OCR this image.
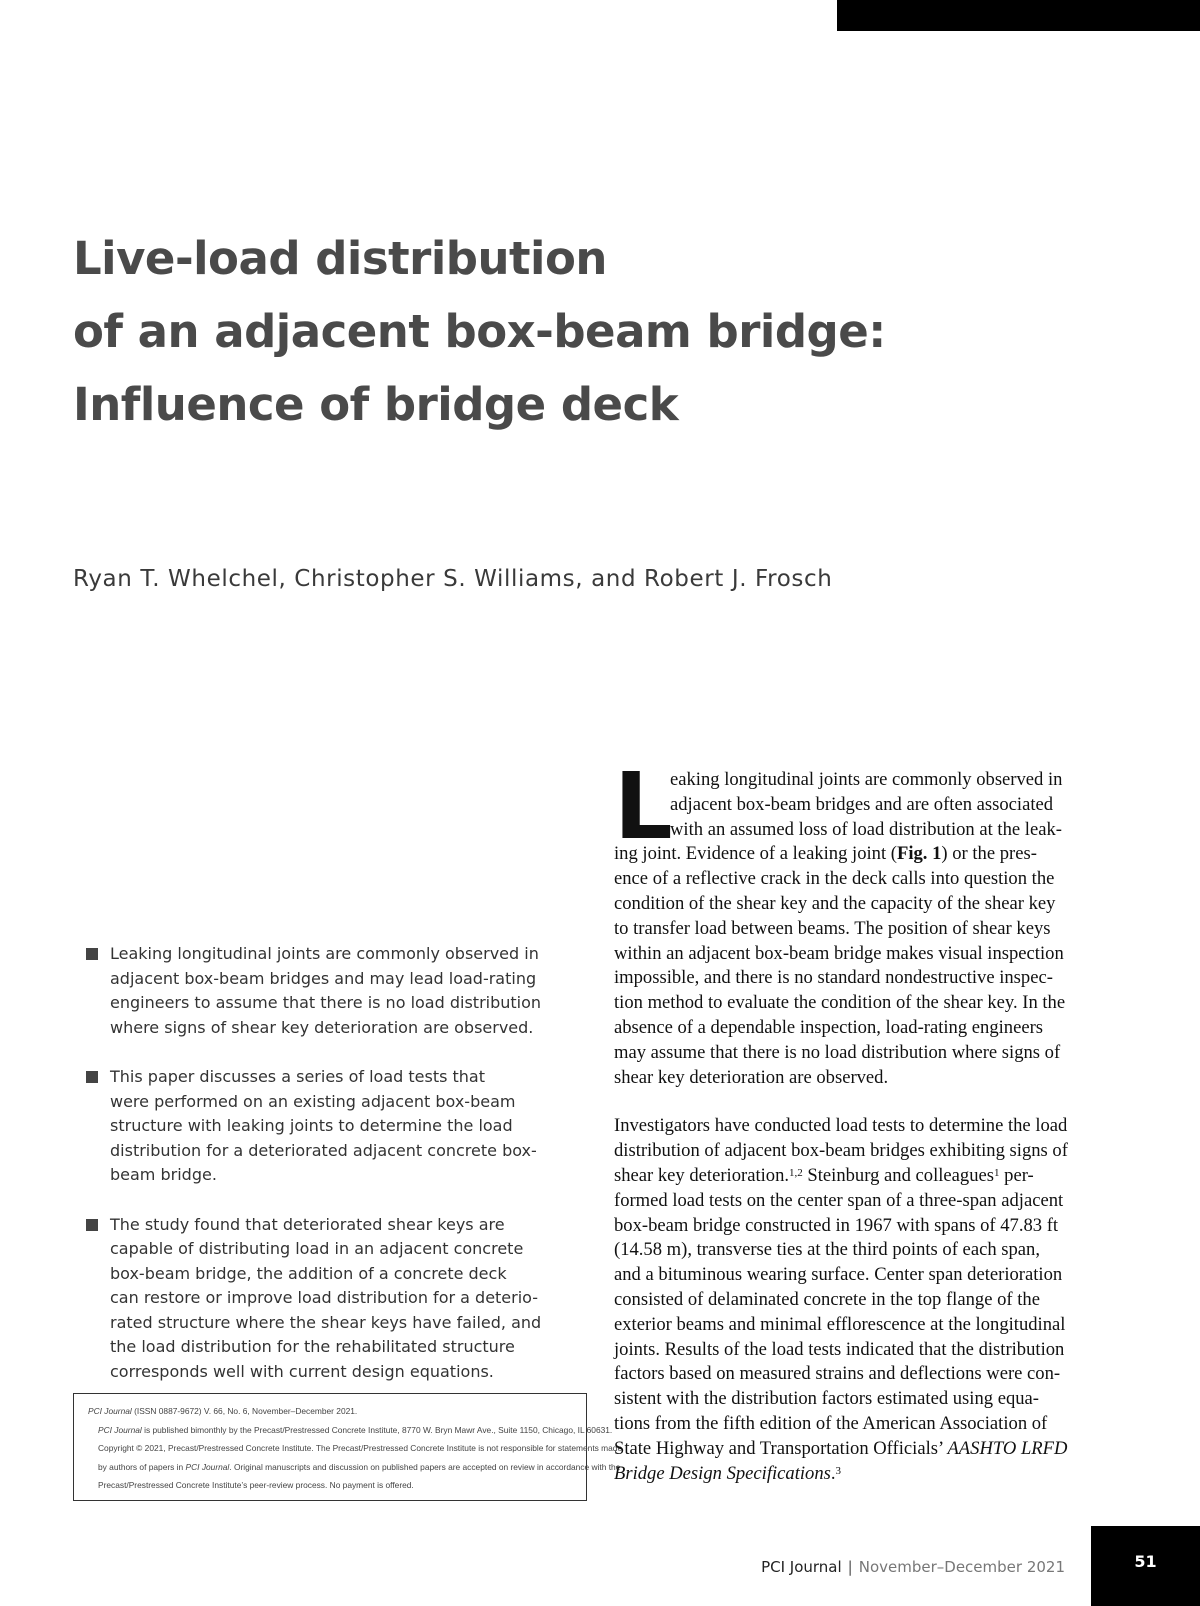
Live-load distribution
of an adjacent box-beam bridge:
Influence of bridge deck
Ryan T. Whelchel, Christopher S. Williams, and Robert J. Frosch
Leaking longitudinal joints are commonly observed in
adjacent box-beam bridges and may lead load-rating
engineers to assume that there is no load distribution
where signs of shear key deterioration are observed.
This paper discusses a series of load tests that
were performed on an existing adjacent box-beam
structure with leaking joints to determine the load
distribution for a deteriorated adjacent concrete box-
beam bridge.
The study found that deteriorated shear keys are
capable of distributing load in an adjacent concrete
box-beam bridge, the addition of a concrete deck
can restore or improve load distribution for a deterio-
rated structure where the shear keys have failed, and
the load distribution for the rehabilitated structure
corresponds well with current design equations.
PCI Journal (ISSN 0887-9672) V. 66, No. 6, November–December 2021.
PCI Journal is published bimonthly by the Precast/Prestressed Concrete Institute, 8770 W. Bryn Mawr Ave., Suite 1150, Chicago, IL 60631.
Copyright © 2021, Precast/Prestressed Concrete Institute. The Precast/Prestressed Concrete Institute is not responsible for statements made
by authors of papers in PCI Journal. Original manuscripts and discussion on published papers are accepted on review in accordance with the
Precast/Prestressed Concrete Institute’s peer-review process. No payment is offered.
L
eaking longitudinal joints are commonly observed in
adjacent box-beam bridges and are often associated
with an assumed loss of load distribution at the leak-
ing joint. Evidence of a leaking joint (Fig. 1) or the pres-
ence of a reflective crack in the deck calls into question the
condition of the shear key and the capacity of the shear key
to transfer load between beams. The position of shear keys
within an adjacent box-beam bridge makes visual inspection
impossible, and there is no standard nondestructive inspec-
tion method to evaluate the condition of the shear key. In the
absence of a dependable inspection, load-rating engineers
may assume that there is no load distribution where signs of
shear key deterioration are observed.
Investigators have conducted load tests to determine the load
distribution of adjacent box-beam bridges exhibiting signs of
shear key deterioration.$^{1,2}$ Steinburg and colleagues$^1$ per-
formed load tests on the center span of a three-span adjacent
box-beam bridge constructed in 1967 with spans of 47.83 ft
(14.58 m), transverse ties at the third points of each span,
and a bituminous wearing surface. Center span deterioration
consisted of delaminated concrete in the top flange of the
exterior beams and minimal efflorescence at the longitudinal
joints. Results of the load tests indicated that the distribution
factors based on measured strains and deflections were con-
sistent with the distribution factors estimated using equa-
tions from the fifth edition of the American Association of
State Highway and Transportation Officials’ AASHTO LRFD
Bridge Design Specifications.$^3$
PCI Journal | November–December 2021	51
